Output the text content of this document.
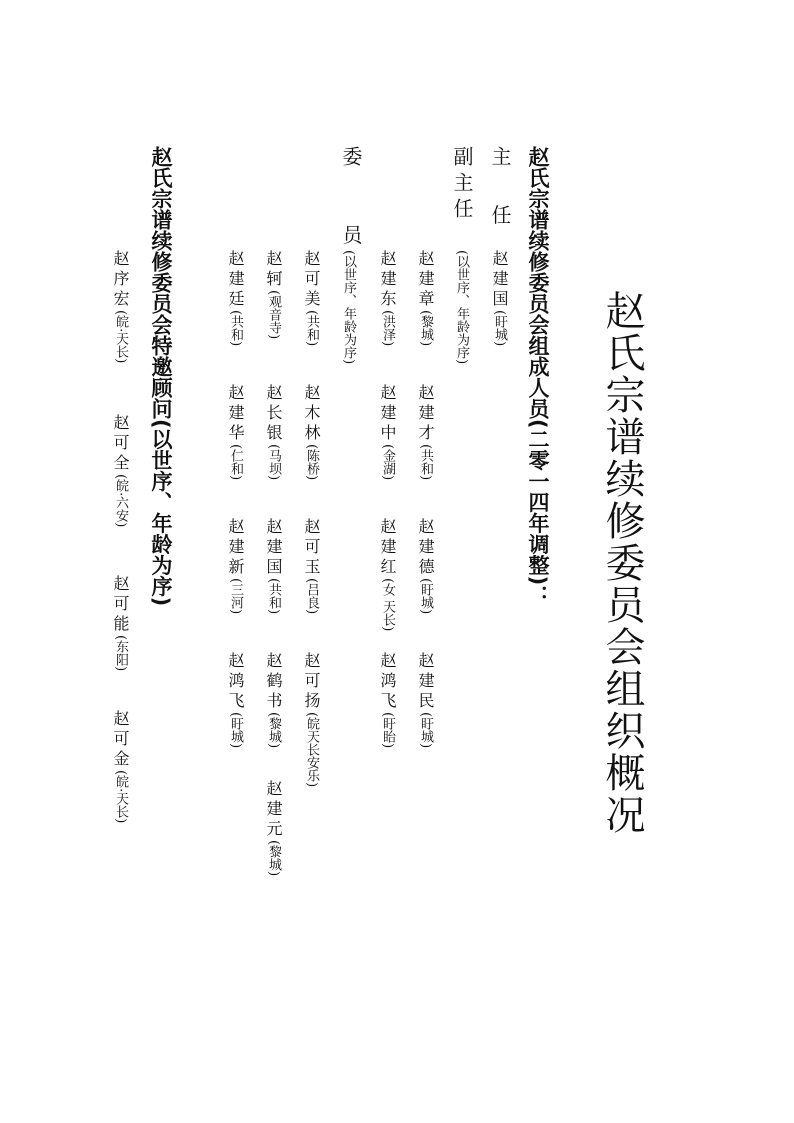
赵氏宗谱续修委员会组织概况
赵氏宗谱续修委员会组成人员(二零一四年调整)：
主 任
赵建国(盱城)
副主任
(以世序、年龄为序)
赵建章(黎城)
赵建才(共和)
赵建德(盱城)
赵建民(盱城)
赵建东(洪泽)
赵建中(金湖)
赵建红(女 天长)
赵鸿飞(盱眙)
委 员
(以世序、年龄为序)
赵可美(共和)
赵木林(陈桥)
赵可玉(吕良)
赵可扬(皖天长安乐)
赵轲(观音寺)
赵长银(马坝)
赵建国(共和)
赵鹤书(黎城)
赵建元(黎城)
赵建廷(共和)
赵建华(仁和)
赵建新(三河)
赵鸿飞(盱城)
赵氏宗谱续修委员会特邀顾问(以世序、年龄为序)
赵序宏(皖·天长)
赵可全(皖·六安)
赵可能(东阳)
赵可金(皖·天长)
